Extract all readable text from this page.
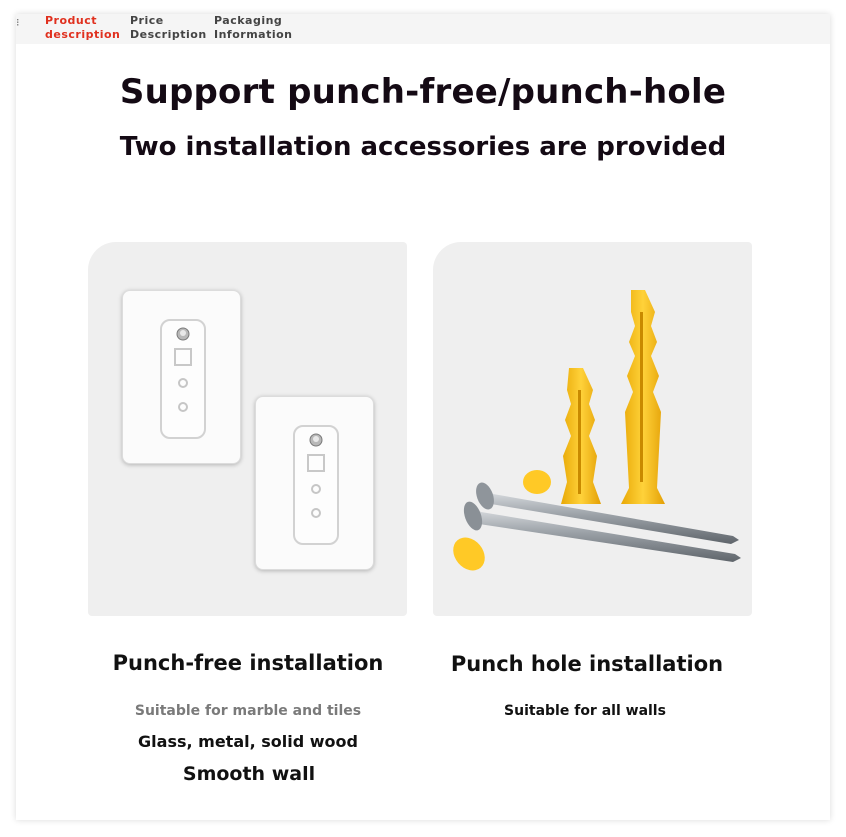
⁝ Product
description
Price
Description
Packaging
Information
Support punch-free/punch-hole
Two installation accessories are provided
Punch-free installation
Suitable for marble and tiles
Glass, metal, solid wood
Smooth wall
Punch hole installation
Suitable for all walls
